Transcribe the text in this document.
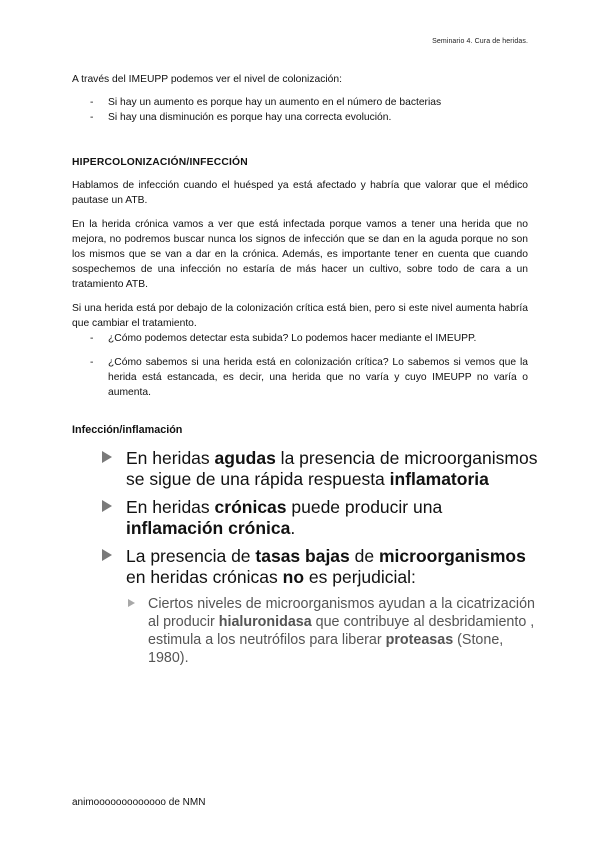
Seminario 4. Cura de heridas.

A través del IMEUPP podemos ver el nivel de colonización:

- Si hay un aumento es porque hay un aumento en el número de bacterias
- Si hay una disminución es porque hay una correcta evolución.
HIPERCOLONIZACIÓN/INFECCIÓN

Hablamos de infección cuando el huésped ya está afectado y habría que valorar que el médico pautase un ATB.

En la herida crónica vamos a ver que está infectada porque vamos a tener una herida que no mejora, no podremos buscar nunca los signos de infección que se dan en la aguda porque no son los mismos que se van a dar en la crónica. Además, es importante tener en cuenta que cuando sospechemos de una infección no estaría de más hacer un cultivo, sobre todo de cara a un tratamiento ATB.

Si una herida está por debajo de la colonización crítica está bien, pero si este nivel aumenta habría que cambiar el tratamiento.

- ¿Cómo podemos detectar esta subida? Lo podemos hacer mediante el IMEUPP.
- ¿Cómo sabemos si una herida está en colonización crítica? Lo sabemos si vemos que la herida está estancada, es decir, una herida que no varía y cuyo IMEUPP no varía o aumenta.
Infección/inflamación
En heridas agudas la presencia de microorganismos se sigue de una rápida respuesta inflamatoria
En heridas crónicas puede producir una inflamación crónica.
La presencia de tasas bajas de microorganismos en heridas crónicas no es perjudicial:
Ciertos niveles de microorganismos ayudan a la cicatrización al producir hialuronidasa que contribuye al desbridamiento , estimula a los neutrófilos para liberar proteasas (Stone, 1980).
animooooooooooooo de NMN
